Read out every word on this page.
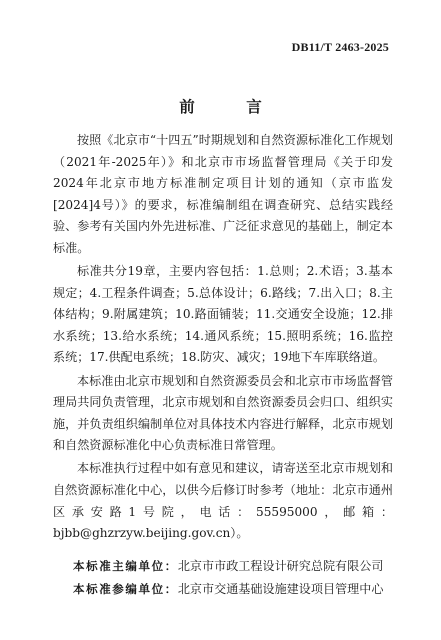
DB11/T 2463-2025
前　言

按照《北京市“十四五”时期规划和自然资源标准化工作规划（2021年-2025年）》和北京市市场监督管理局《关于印发2024年北京市地方标准制定项目计划的通知（京市监发[2024]4号）》的要求，标准编制组在调查研究、总结实践经验、参考有关国内外先进标准、广泛征求意见的基础上，制定本标准。

标准共分19章，主要内容包括：1.总则；2.术语；3.基本规定；4.工程条件调查；5.总体设计；6.路线；7.出入口；8.主体结构；9.附属建筑；10.路面铺装；11.交通安全设施；12.排水系统；13.给水系统；14.通风系统；15.照明系统；16.监控系统；17.供配电系统；18.防灾、减灾；19地下车库联络道。

本标准由北京市规划和自然资源委员会和北京市市场监督管理局共同负责管理，北京市规划和自然资源委员会归口、组织实施，并负责组织编制单位对具体技术内容进行解释，北京市规划和自然资源标准化中心负责标准日常管理。

本标准执行过程中如有意见和建议，请寄送至北京市规划和自然资源标准化中心，以供今后修订时参考（地址：北京市通州区承安路1号院，电话：55595000，邮箱：bjbb@ghzrzyw.beijing.gov.cn）。

本标准主编单位：北京市市政工程设计研究总院有限公司
本标准参编单位：北京市交通基础设施建设项目管理中心
